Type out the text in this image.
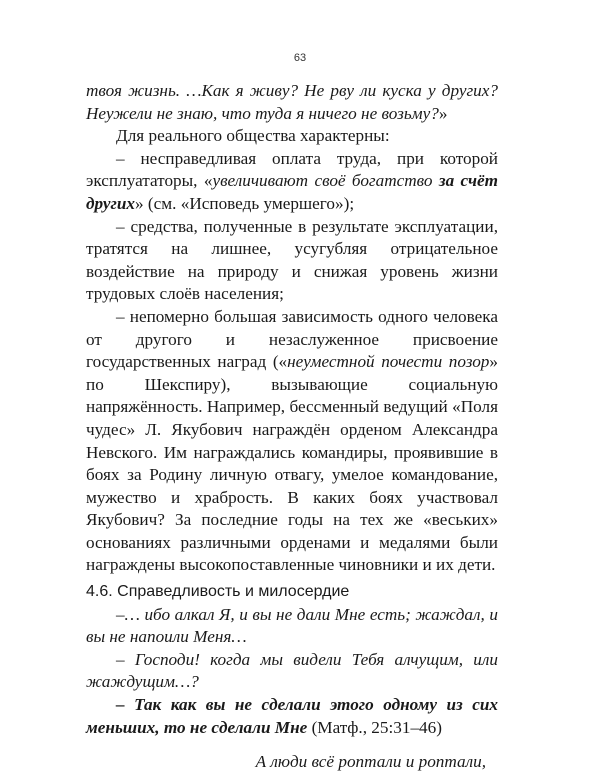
63

твоя жизнь. …Как я живу? Не рву ли куска у других? Неужели не знаю, что туда я ничего не возьму?»

Для реального общества характерны:

– несправедливая оплата труда, при которой эксплуататоры, «увеличивают своё богатство за счёт других» (см. «Исповедь умершего»);

– средства, полученные в результате эксплуатации, тратятся на лишнее, усугубляя отрицательное воздействие на природу и снижая уровень жизни трудовых слоёв населения;

– непомерно большая зависимость одного человека от другого и незаслуженное присвоение государственных наград («неуместной почести позор» по Шекспиру), вызывающие социальную напряжённость. Например, бессменный ведущий «Поля чудес» Л. Якубович награждён орденом Александра Невского. Им награждались командиры, проявившие в боях за Родину личную отвагу, умелое командование, мужество и храбрость. В каких боях участвовал Якубович? За последние годы на тех же «веських» основаниях различными орденами и медалями были награждены высокопоставленные чиновники и их дети.

4.6. Справедливость и милосердие

–… ибо алкал Я, и вы не дали Мне есть; жаждал, и вы не напоили Меня…

– Господи! когда мы видели Тебя алчущим, или жаждущим…?

– Так как вы не сделали этого одному из сих меньших, то не сделали Мне (Матф., 25:31–46)

А люди всё роптали и роптали,
